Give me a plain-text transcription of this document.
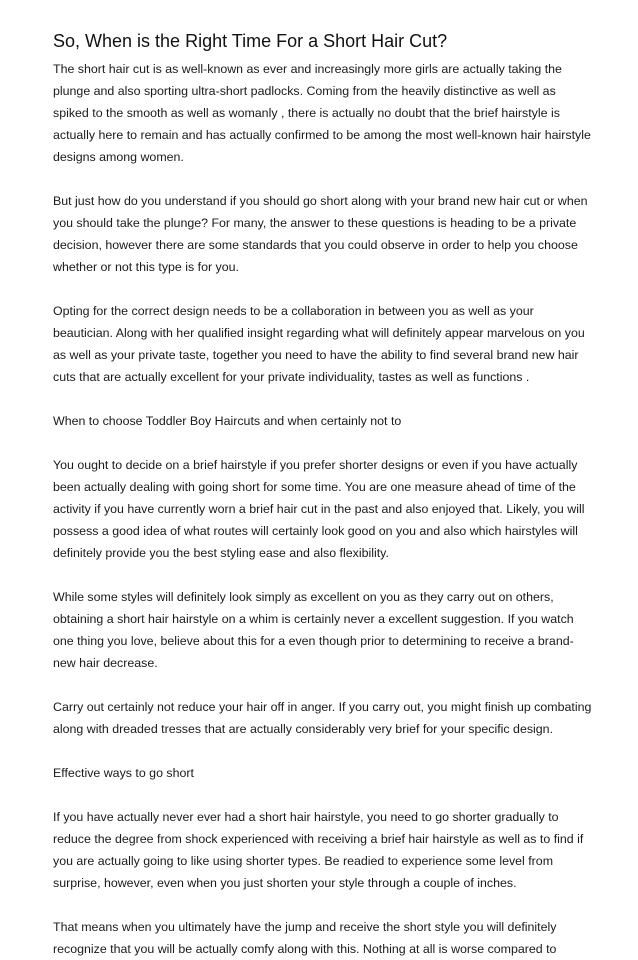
So, When is the Right Time For a Short Hair Cut?

The short hair cut is as well-known as ever and increasingly more girls are actually taking the plunge and also sporting ultra-short padlocks. Coming from the heavily distinctive as well as spiked to the smooth as well as womanly , there is actually no doubt that the brief hairstyle is actually here to remain and has actually confirmed to be among the most well-known hair hairstyle designs among women.

But just how do you understand if you should go short along with your brand new hair cut or when you should take the plunge? For many, the answer to these questions is heading to be a private decision, however there are some standards that you could observe in order to help you choose whether or not this type is for you.

Opting for the correct design needs to be a collaboration in between you as well as your beautician. Along with her qualified insight regarding what will definitely appear marvelous on you as well as your private taste, together you need to have the ability to find several brand new hair cuts that are actually excellent for your private individuality, tastes as well as functions .

When to choose Toddler Boy Haircuts and when certainly not to

You ought to decide on a brief hairstyle if you prefer shorter designs or even if you have actually been actually dealing with going short for some time. You are one measure ahead of time of the activity if you have currently worn a brief hair cut in the past and also enjoyed that. Likely, you will possess a good idea of what routes will certainly look good on you and also which hairstyles will definitely provide you the best styling ease and also flexibility.

While some styles will definitely look simply as excellent on you as they carry out on others, obtaining a short hair hairstyle on a whim is certainly never a excellent suggestion. If you watch one thing you love, believe about this for a even though prior to determining to receive a brand-new hair decrease.

Carry out certainly not reduce your hair off in anger. If you carry out, you might finish up combating along with dreaded tresses that are actually considerably very brief for your specific design.

Effective ways to go short

If you have actually never ever had a short hair hairstyle, you need to go shorter gradually to reduce the degree from shock experienced with receiving a brief hair hairstyle as well as to find if you are actually going to like using shorter types. Be readied to experience some level from surprise, however, even when you just shorten your style through a couple of inches.

That means when you ultimately have the jump and receive the short style you will definitely recognize that you will be actually comfy along with this. Nothing at all is worse compared to
